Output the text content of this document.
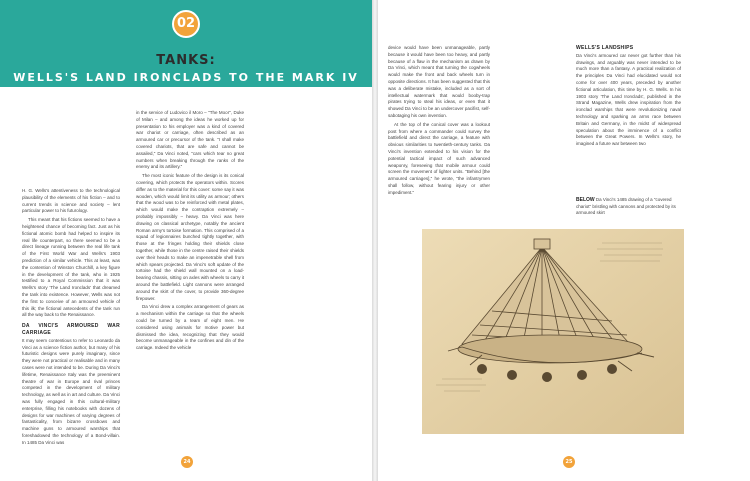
02
TANKS:
WELLS'S LAND IRONCLADS TO THE MARK IV

H. G. Wells's attentiveness to the technological plausibility of the elements of his fiction – and to current trends in science and society – lent particular power to his futurology.

This meant that his fictions seemed to have a heightened chance of becoming fact. Just as his fictional atomic bomb had helped to inspire its real life counterpart, so there seemed to be a direct lineage running between the real life tank of the First World War and Wells's 1903 prediction of a similar vehicle. This at least, was the contention of Winston Churchill, a key figure in the development of the tank, who in 1925 testified to a Royal Commission that it was Wells's story 'The Land Ironclads' that dreamed the tank into existence. However, Wells was not the first to conceive of an armoured vehicle of this ilk; the fictional antecedents of the tank run all the way back to the Renaissance.

DA VINCI'S ARMOURED WAR CARRIAGE

It may seem contentious to refer to Leonardo da Vinci as a science fiction author, but many of his futuristic designs were purely imaginary, since they were not practical or realisable and in many cases were not intended to be. During Da Vinci's lifetime, Renaissance Italy was the preeminent theatre of war in Europe and rival princes competed in the development of military technology, as well as in art and culture. Da Vinci was fully engaged in this cultural-military enterprise, filling his notebooks with dozens of designs for war machines of varying degrees of fantasticality, from bizarre crossbows and machine guns to armoured warships that foreshadowed the technology of a Bond-villain. In 1485 Da Vinci was

in the service of Ludovico il Moro – "The Moor", Duke of Milan – and among the ideas he worked up for presentation to his employer was a kind of covered war chariot or carriage, often described as an armoured car or precursor of the tank. "I shall make covered chariots, that are safe and cannot be assailed," Da Vinci noted, "cars which tear no great numbers when breaking through the ranks of the enemy and its artillery."

The most iconic feature of the design is its conical covering, which protects the operators within. Scores differ as to the material for this cover: some say it was wooden, which would limit its utility as armour; others that the wood was to be reinforced with metal plates, which would make the contraption extremely – probably impossibly – heavy. Da Vinci was here drawing on classical archetype, notably the ancient Roman army's tortoise formation. This comprised of a squad of legionnaires bunched tightly together, with those at the fringes holding their shields close together, while those in the centre raised their shields over their heads to make an impenetrable shell from which spears projected. Da Vinci's soft update of the tortoise had the shield wall mounted on a load-bearing chassis, sitting on axles with wheels to carry it around the battlefield. Light cannons were arranged around the skirt of the cover, to provide 360-degree firepower.

Da Vinci drew a complex arrangement of gears as a mechanism within the carriage so that the wheels could be turned by a team of eight men. He considered using animals for motive power but dismissed the idea, recognizing that they would become unmanageable in the confines and din of the carriage. Indeed the vehicle

24

device would have been unmanageable, partly because it would have been too heavy, and partly because of a flaw in the mechanism as drawn by Da Vinci, which meant that turning the cogwheels would make the front and back wheels turn in opposite directions. It has been suggested that this was a deliberate mistake, included as a sort of intellectual watermark that would booby-trap pirates trying to steal his ideas, or even that it showed Da Vinci to be an undercover pacifist, self-sabotaging his own invention.

At the top of the conical cover was a lookout post from where a commander could survey the battlefield and direct the carriage, a feature with obvious similarities to twentieth-century tanks. Da Vinci's invention extended to his vision for the potential tactical impact of such advanced weaponry, foreseeing that mobile armour could screen the movement of lighter units. "Behind [the armoured carriages]," he wrote, "the infantrymen shall follow, without fearing injury or other impediment."

WELLS'S LANDSHIPS

Da Vinci's armoured car never got further than his drawings, and arguably was never intended to be much more than a fantasy. A practical realization of the principles Da Vinci had elucidated would not come for over 400 years, preceded by another fictional articulation, this time by H. G. Wells. In his 1903 story 'The Land Ironclads', published in the Strand Magazine, Wells drew inspiration from the ironclad warships that were revolutionizing naval technology and sparking an arms race between Britain and Germany, in the midst of widespread speculation about the imminence of a conflict between the Great Powers. In Wells's story, he imagined a future war between two

BELOW Da Vinci's 1485 drawing of a "covered chariot" bristling with cannons and protected by its armoured skirt
25
